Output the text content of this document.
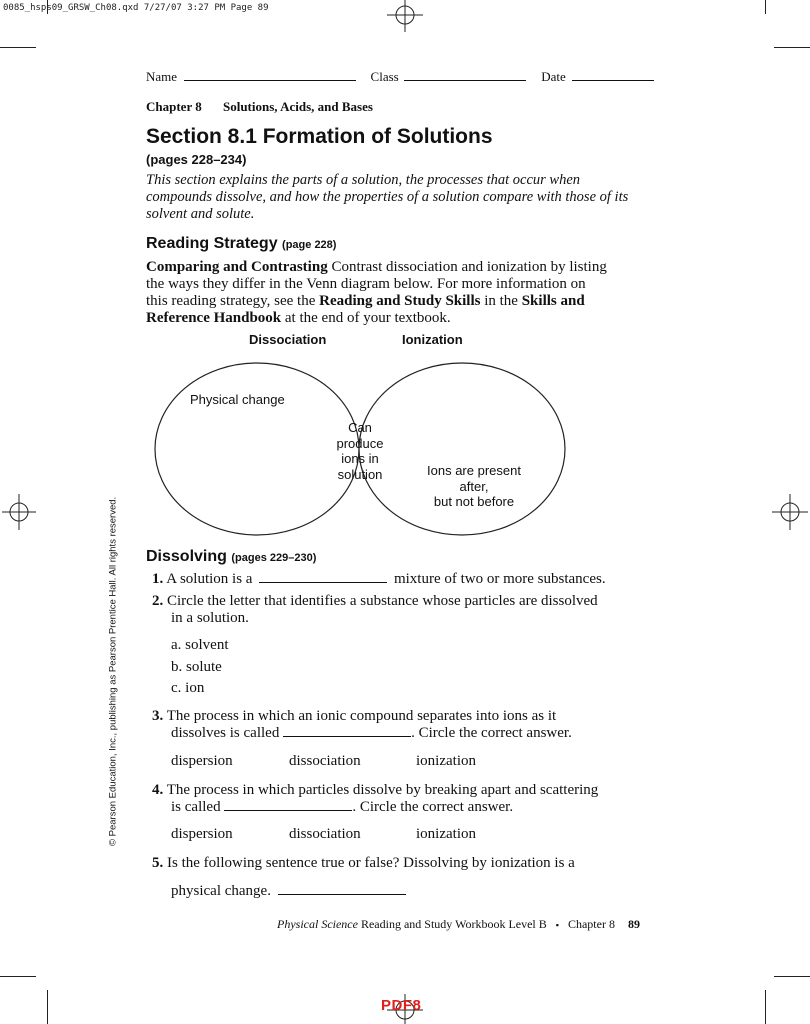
0085_hsps09_GRSW_Ch08.qxd 7/27/07 3:27 PM Page 89
Name	Class	Date
Chapter 8 Solutions, Acids, and Bases
Section 8.1 Formation of Solutions
(pages 228–234)
This section explains the parts of a solution, the processes that occur when
compounds dissolve, and how the properties of a solution compare with those of its
solvent and solute.
Reading Strategy (page 228)
Comparing and Contrasting Contrast dissociation and ionization by listing
the ways they differ in the Venn diagram below. For more information on
this reading strategy, see the Reading and Study Skills in the Skills and
Reference Handbook at the end of your textbook.
Dissociation	Ionization
Physical change
Can
produce
ions in
solution	Ions are present
after,
but not before
Dissolving (pages 229–230)
1. A solution is a	mixture of two or more substances.
2. Circle the letter that identifies a substance whose particles are dissolved
in a solution.
a. solvent
b. solute
c. ion
3. The process in which an ionic compound separates into ions as it
dissolves is called	. Circle the correct answer.
dispersion	dissociation	ionization
4. The process in which particles dissolve by breaking apart and scattering
is called	. Circle the correct answer.
dispersion	dissociation	ionization
5. Is the following sentence true or false? Dissolving by ionization is a
physical change.
© Pearson Education, Inc., publishing as Pearson Prentice Hall. All rights reserved.
Physical Science Reading and Study Workbook Level B ▪ Chapter 8 89
PDF8
